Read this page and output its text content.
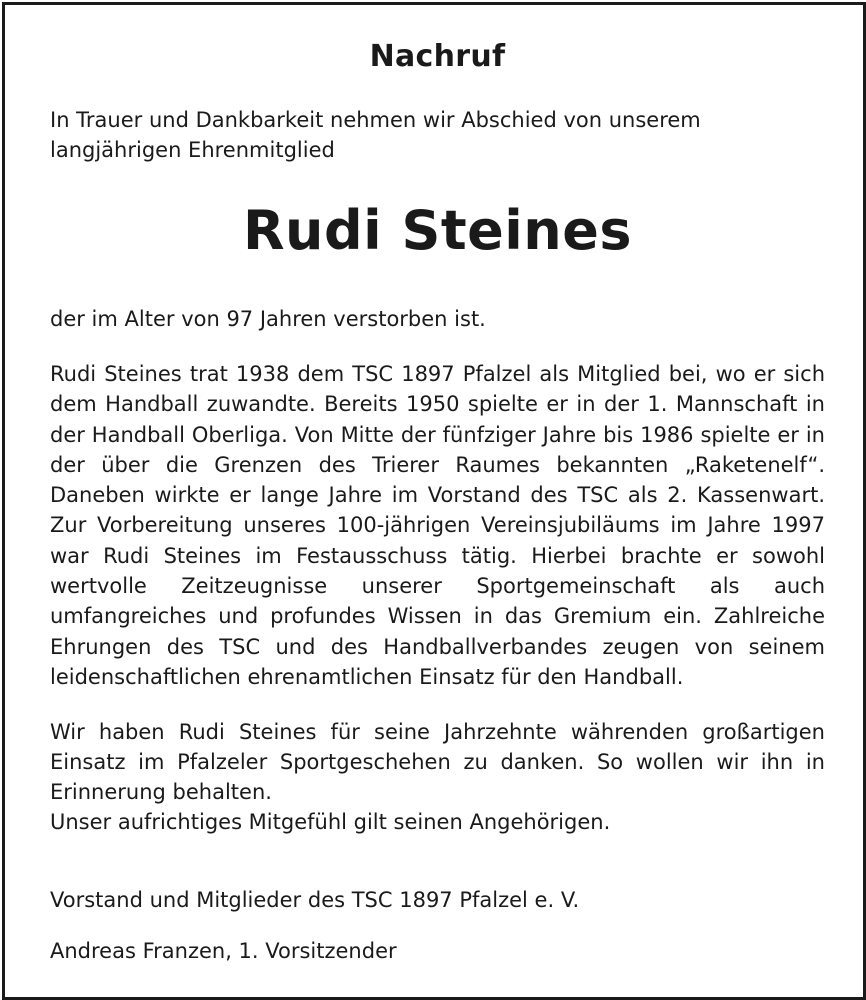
Nachruf
In Trauer und Dankbarkeit nehmen wir Abschied von unserem langjährigen Ehrenmitglied
Rudi Steines
der im Alter von 97 Jahren verstorben ist.
Rudi Steines trat 1938 dem TSC 1897 Pfalzel als Mitglied bei, wo er sich dem Handball zuwandte. Bereits 1950 spielte er in der 1. Mannschaft in der Handball Oberliga. Von Mitte der fünfziger Jahre bis 1986 spielte er in der über die Grenzen des Trierer Raumes bekannten „Raketenelf“. Daneben wirkte er lange Jahre im Vorstand des TSC als 2. Kassenwart. Zur Vorbereitung unseres 100-jährigen Vereinsjubiläums im Jahre 1997 war Rudi Steines im Festausschuss tätig. Hierbei brachte er sowohl wertvolle Zeitzeugnisse unserer Sportgemeinschaft als auch umfangreiches und profundes Wissen in das Gremium ein. Zahlreiche Ehrungen des TSC und des Handballverbandes zeugen von seinem leidenschaftlichen ehrenamtlichen Einsatz für den Handball.
Wir haben Rudi Steines für seine Jahrzehnte währenden großartigen Einsatz im Pfalzeler Sportgeschehen zu danken. So wollen wir ihn in Erinnerung behalten.
Unser aufrichtiges Mitgefühl gilt seinen Angehörigen.
Vorstand und Mitglieder des TSC 1897 Pfalzel e. V.
Andreas Franzen, 1. Vorsitzender
